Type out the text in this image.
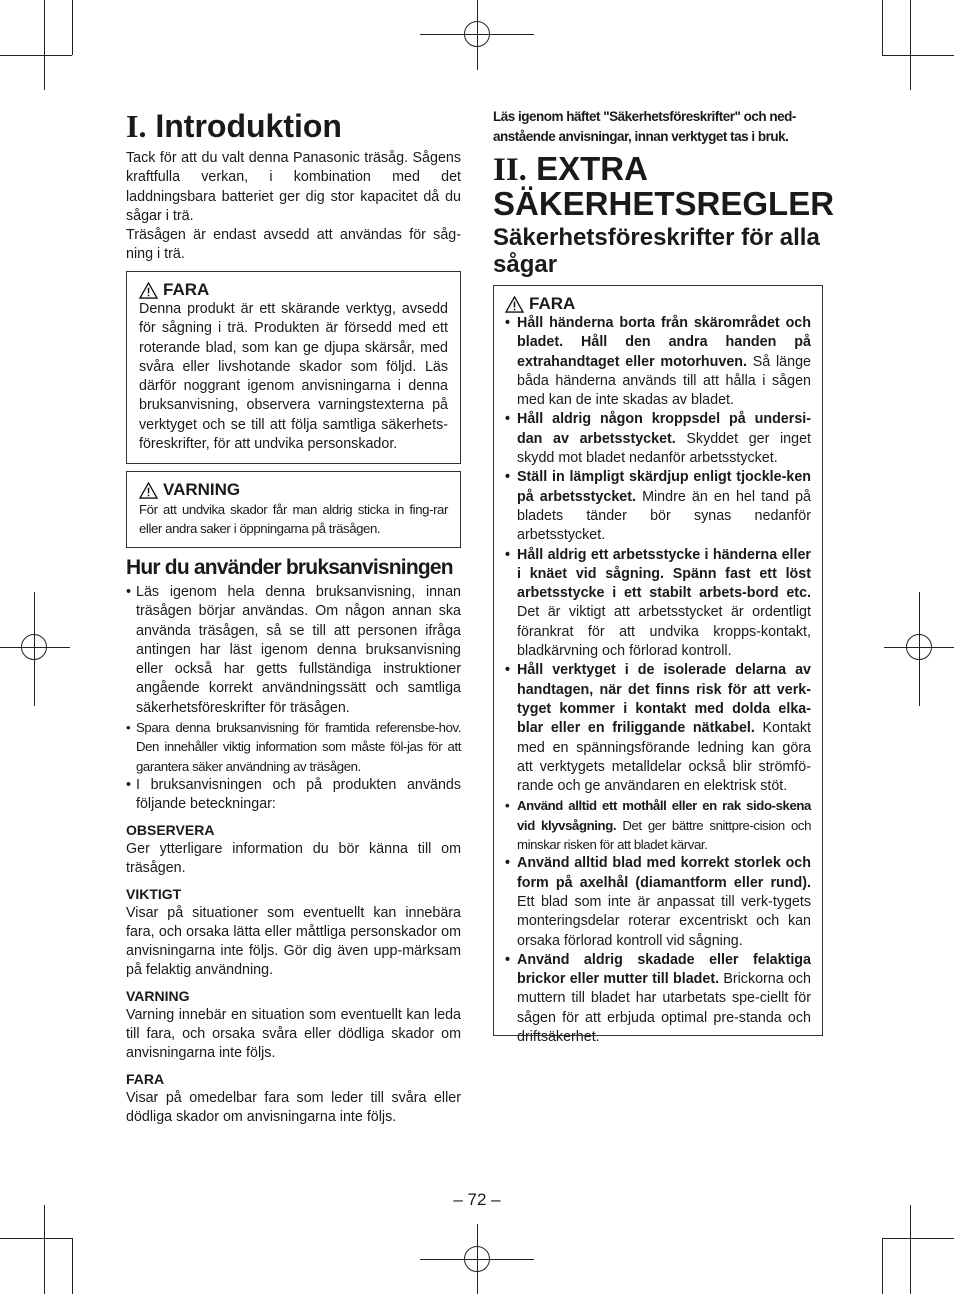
I. Introduktion

Tack för att du valt denna Panasonic träsåg. Sågens kraftfulla verkan, i kombination med det laddningsbara batteriet ger dig stor kapacitet då du sågar i trä.

Träsågen är endast avsedd att användas för såg-ning i trä.

FARA

Denna produkt är ett skärande verktyg, avsedd för sågning i trä. Produkten är försedd med ett roterande blad, som kan ge djupa skärsår, med svåra eller livshotande skador som följd. Läs därför noggrant igenom anvisningarna i denna bruksanvisning, observera varningstexterna på verktyget och se till att följa samtliga säkerhets-föreskrifter, för att undvika personskador.

VARNING

För att undvika skador får man aldrig sticka in fing-rar eller andra saker i öppningarna på träsågen.

Hur du använder bruksanvisningen
• Läs igenom hela denna bruksanvisning, innan träsågen börjar användas. Om någon annan ska använda träsågen, så se till att personen ifråga antingen har läst igenom denna bruksanvisning eller också har getts fullständiga instruktioner angående korrekt användningssätt och samtliga säkerhetsföreskrifter för träsågen.
• Spara denna bruksanvisning för framtida referensbe-hov. Den innehåller viktig information som måste föl-jas för att garantera säker användning av träsågen.
• I bruksanvisningen och på produkten används följande beteckningar:
OBSERVERA

Ger ytterligare information du bör känna till om träsågen.

VIKTIGT

Visar på situationer som eventuellt kan innebära fara, och orsaka lätta eller måttliga personskador om anvisningarna inte följs. Gör dig även upp-märksam på felaktig användning.

VARNING

Varning innebär en situation som eventuellt kan leda till fara, och orsaka svåra eller dödliga skador om anvisningarna inte följs.

FARA

Visar på omedelbar fara som leder till svåra eller dödliga skador om anvisningarna inte följs.

Läs igenom häftet "Säkerhetsföreskrifter" och ned-anstående anvisningar, innan verktyget tas i bruk.

II. EXTRA
SÄKERHETSREGLER
Säkerhetsföreskrifter för alla sågar
FARA
• Håll händerna borta från skärområdet och bladet. Håll den andra handen på extrahandtaget eller motorhuven. Så länge båda händerna används till att hålla i sågen med kan de inte skadas av bladet.
• Håll aldrig någon kroppsdel på undersi-dan av arbetsstycket. Skyddet ger inget skydd mot bladet nedanför arbetsstycket.
• Ställ in lämpligt skärdjup enligt tjockle-ken på arbetsstycket. Mindre än en hel tand på bladets tänder bör synas nedanför arbetsstycket.
• Håll aldrig ett arbetsstycke i händerna eller i knäet vid sågning. Spänn fast ett löst arbetsstycke i ett stabilt arbets-bord etc. Det är viktigt att arbetsstycket är ordentligt förankrat för att undvika kropps-kontakt, bladkärvning och förlorad kontroll.
• Håll verktyget i de isolerade delarna av handtagen, när det finns risk för att verk-tyget kommer i kontakt med dolda elka-blar eller en friliggande nätkabel. Kontakt med en spänningsförande ledning kan göra att verktygets metalldelar också blir strömfö-rande och ge användaren en elektrisk stöt.
• Använd alltid ett mothåll eller en rak sido-skena vid klyvsågning. Det ger bättre snittpre-cision och minskar risken för att bladet kärvar.
• Använd alltid blad med korrekt storlek och form på axelhål (diamantform eller rund). Ett blad som inte är anpassat till verk-tygets monteringsdelar roterar excentriskt och kan orsaka förlorad kontroll vid sågning.
• Använd aldrig skadade eller felaktiga brickor eller mutter till bladet. Brickorna och muttern till bladet har utarbetats spe-ciellt för sågen för att erbjuda optimal pre-standa och driftsäkerhet.
– 72 –
